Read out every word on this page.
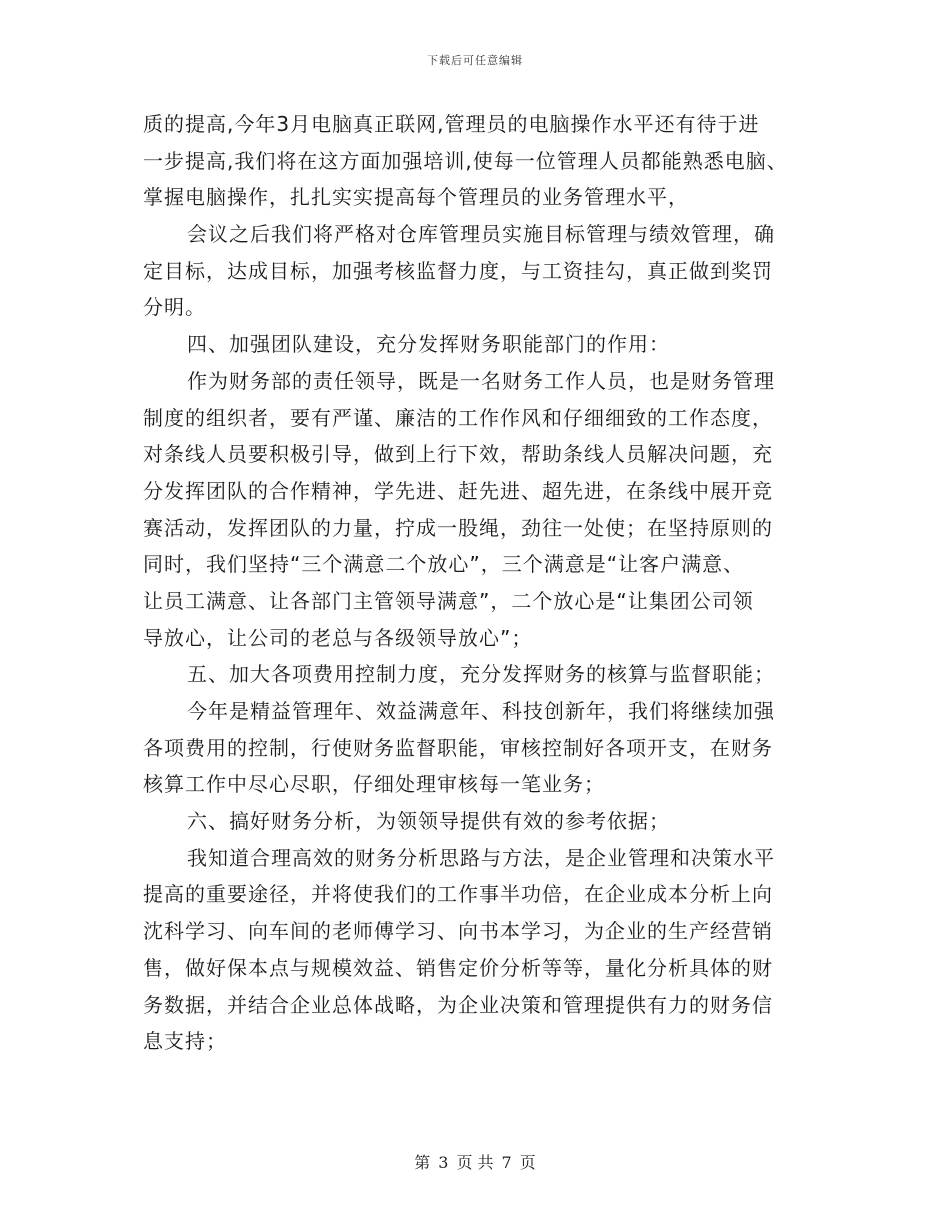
下载后可任意编辑
质的提高,今年3月电脑真正联网,管理员的电脑操作水平还有待于进
一步提高,我们将在这方面加强培训,使每一位管理人员都能熟悉电脑、
掌握电脑操作，扎扎实实提高每个管理员的业务管理水平，
会议之后我们将严格对仓库管理员实施目标管理与绩效管理，确
定目标，达成目标，加强考核监督力度，与工资挂勾，真正做到奖罚
分明。
四、加强团队建设，充分发挥财务职能部门的作用：
作为财务部的责任领导，既是一名财务工作人员，也是财务管理
制度的组织者，要有严谨、廉洁的工作作风和仔细细致的工作态度，
对条线人员要积极引导，做到上行下效，帮助条线人员解决问题，充
分发挥团队的合作精神，学先进、赶先进、超先进，在条线中展开竞
赛活动，发挥团队的力量，拧成一股绳，劲往一处使；在坚持原则的
同时，我们坚持“三个满意二个放心”，三个满意是“让客户满意、
让员工满意、让各部门主管领导满意”，二个放心是“让集团公司领
导放心，让公司的老总与各级领导放心”；
五、加大各项费用控制力度，充分发挥财务的核算与监督职能；
今年是精益管理年、效益满意年、科技创新年，我们将继续加强
各项费用的控制，行使财务监督职能，审核控制好各项开支，在财务
核算工作中尽心尽职，仔细处理审核每一笔业务；
六、搞好财务分析，为领领导提供有效的参考依据；
我知道合理高效的财务分析思路与方法，是企业管理和决策水平
提高的重要途径，并将使我们的工作事半功倍，在企业成本分析上向
沈科学习、向车间的老师傅学习、向书本学习，为企业的生产经营销
售，做好保本点与规模效益、销售定价分析等等，量化分析具体的财
务数据，并结合企业总体战略，为企业决策和管理提供有力的财务信
息支持；
第 3 页 共 7 页
